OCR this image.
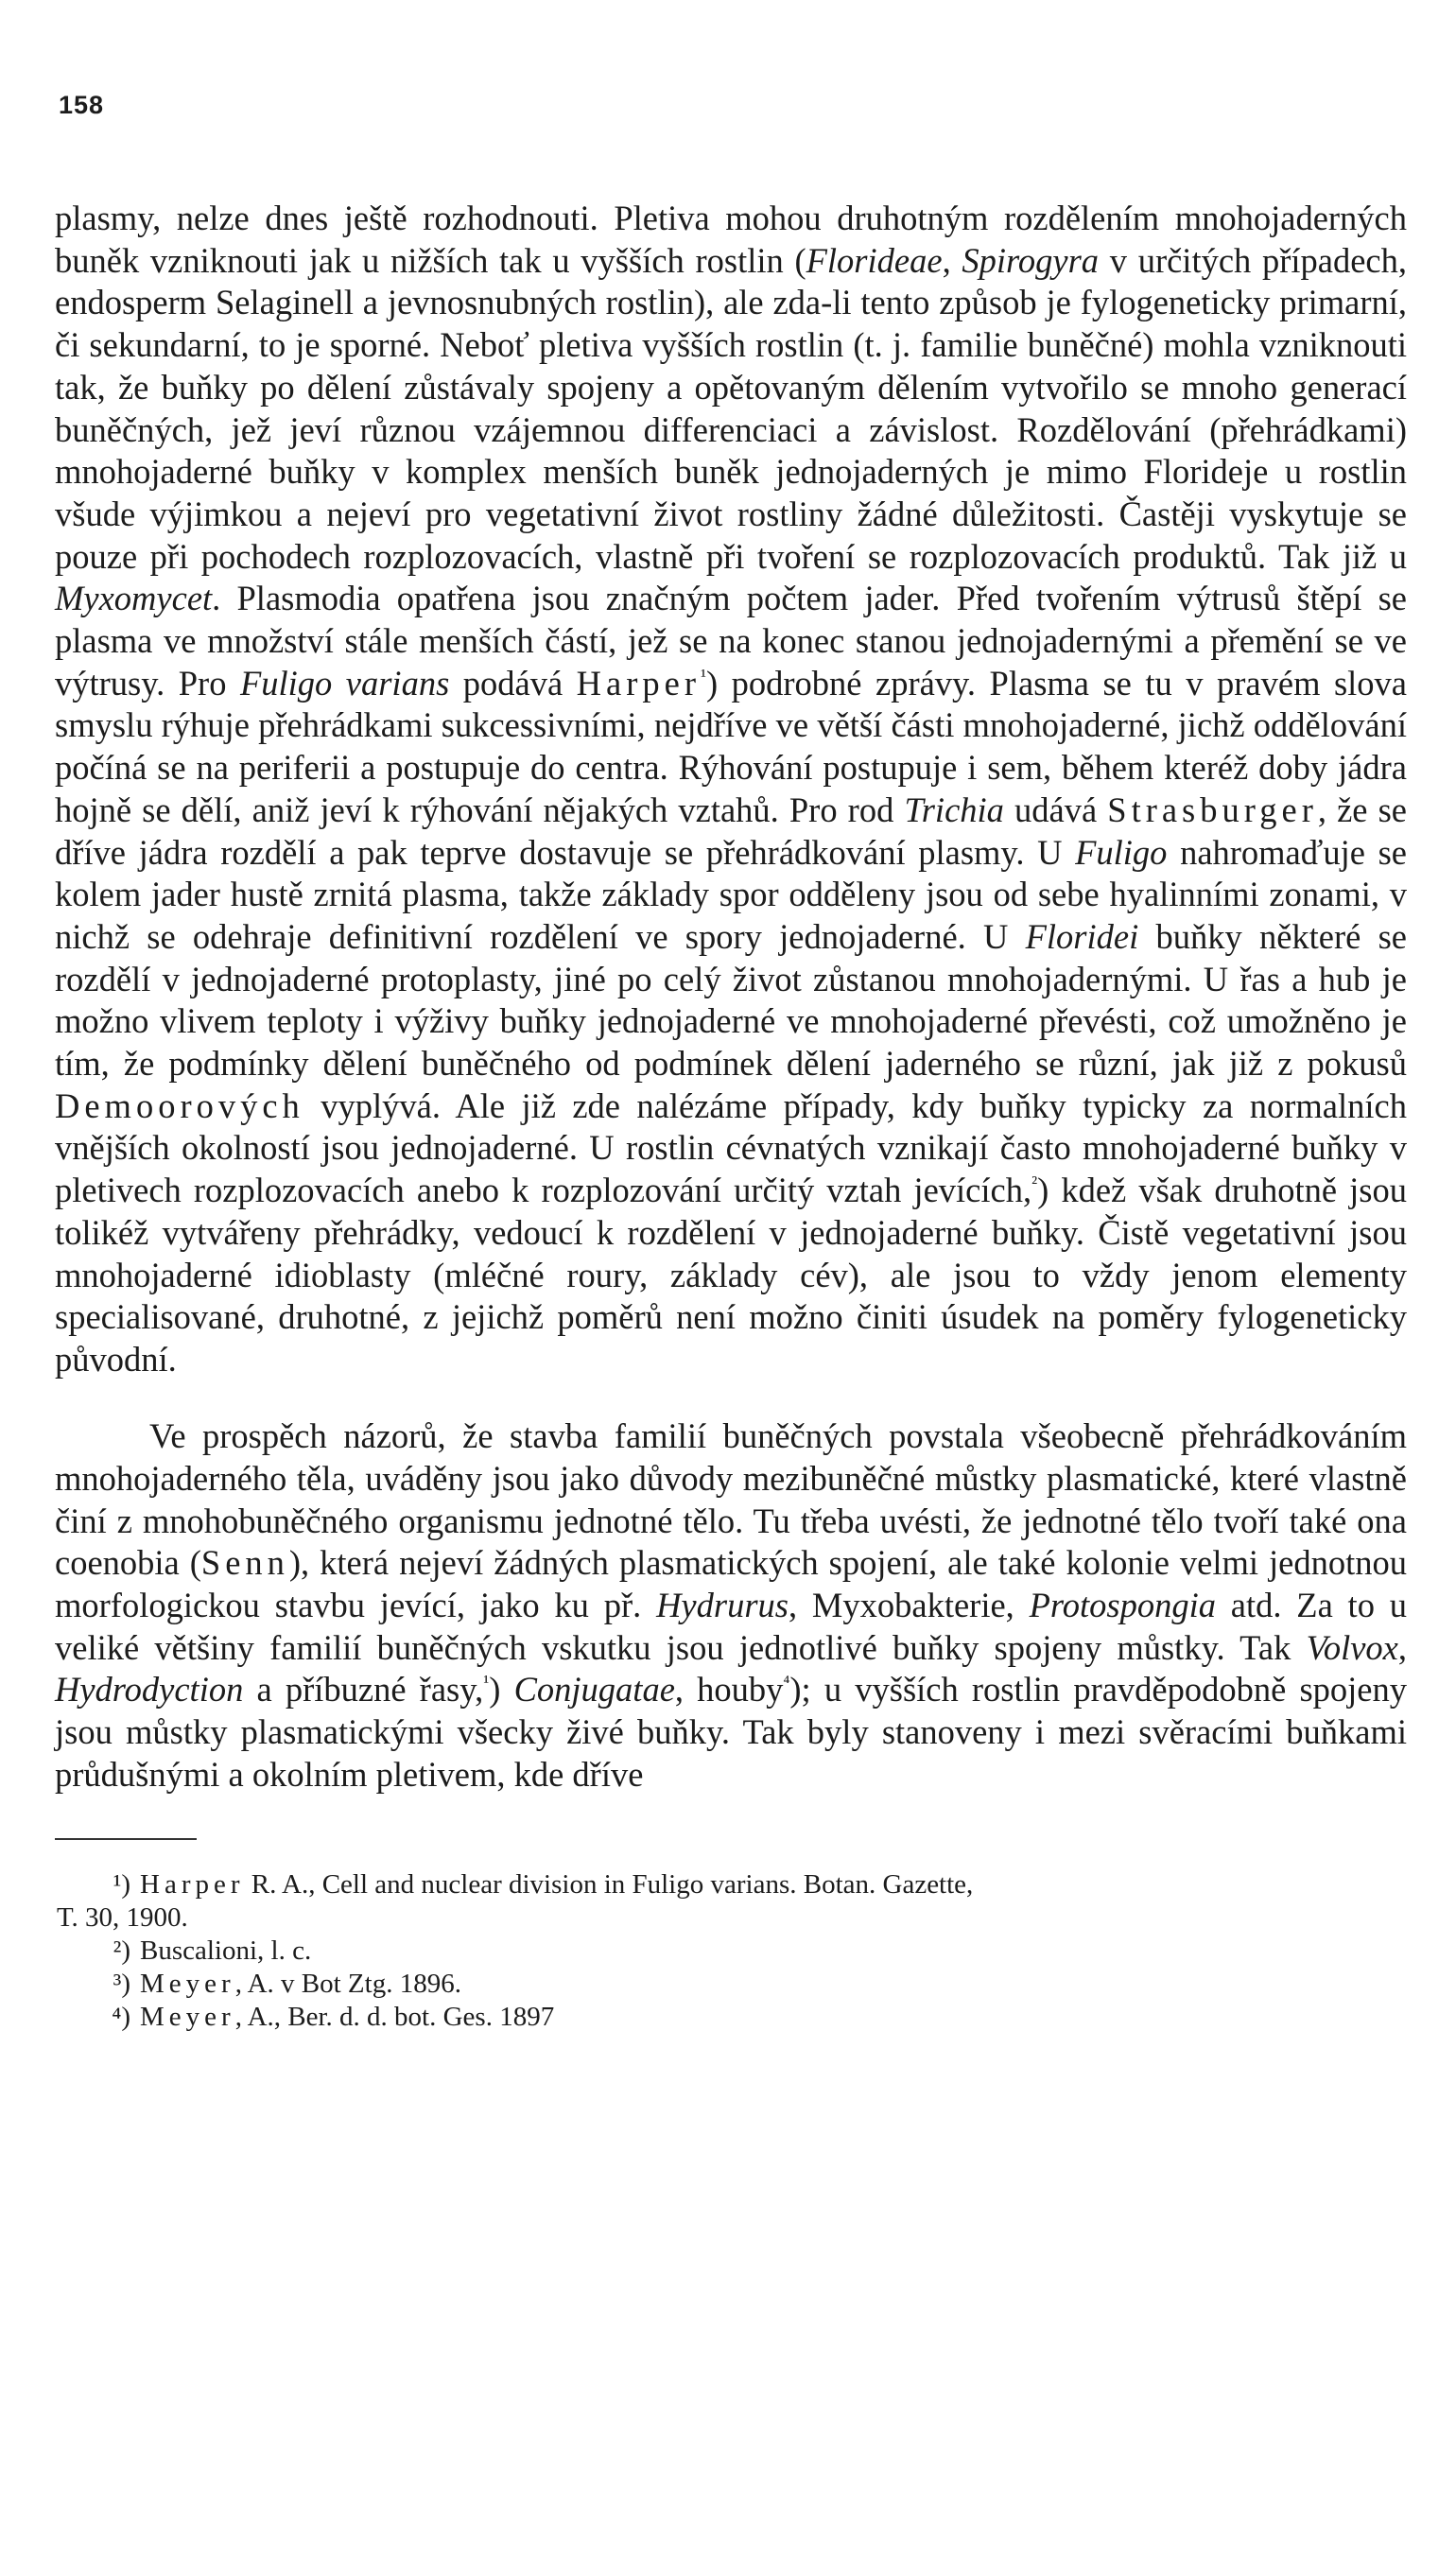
158

plasmy, nelze dnes ještě rozhodnouti. Pletiva mohou druhotným rozdělením mnohojaderných buněk vzniknouti jak u nižších tak u vyšších rostlin (Florideae, Spirogyra v určitých případech, endosperm Selaginell a jevnosnubných rostlin), ale zda-li tento způsob je fylogeneticky primarní, či sekundarní, to je sporné. Neboť pletiva vyšších rostlin (t. j. familie buněčné) mohla vzniknouti tak, že buňky po dělení zůstávaly spojeny a opětovaným dělením vytvořilo se mnoho generací buněčných, jež jeví různou vzájemnou differenciaci a závislost. Rozdělování (přehrádkami) mnohojaderné buňky v komplex menších buněk jednojaderných je mimo Florideje u rostlin všude výjimkou a nejeví pro vegetativní život rostliny žádné důležitosti. Častěji vyskytuje se pouze při pochodech rozplozovacích, vlastně při tvoření se rozplozovacích produktů. Tak již u Myxomycet. Plasmodia opatřena jsou značným počtem jader. Před tvořením výtrusů štěpí se plasma ve množství stále menších částí, jež se na konec stanou jednojadernými a přemění se ve výtrusy. Pro Fuligo varians podává Harper$^{^1}$) podrobné zprávy. Plasma se tu v pravém slova smyslu rýhuje přehrádkami sukcessivními, nejdříve ve větší části mnohojaderné, jichž oddělování počíná se na periferii a postupuje do centra. Rýhování postupuje i sem, během kteréž doby jádra hojně se dělí, aniž jeví k rýhování nějakých vztahů. Pro rod Trichia udává Strasburger, že se dříve jádra rozdělí a pak teprve dostavuje se přehrádkování plasmy. U Fuligo nahromaďuje se kolem jader hustě zrnitá plasma, takže základy spor odděleny jsou od sebe hyalinními zonami, v nichž se odehraje definitivní rozdělení ve spory jednojaderné. U Floridei buňky některé se rozdělí v jednojaderné protoplasty, jiné po celý život zůstanou mnohojadernými. U řas a hub je možno vlivem teploty i výživy buňky jednojaderné ve mnohojaderné převésti, což umožněno je tím, že podmínky dělení buněčného od podmínek dělení jaderného se různí, jak již z pokusů Demoorových vyplývá. Ale již zde nalézáme případy, kdy buňky typicky za normalních vnějších okolností jsou jednojaderné. U rostlin cévnatých vznikají často mnohojaderné buňky v pletivech rozplozovacích anebo k rozplozování určitý vztah jevících,$^{^2}$) kdež však druhotně jsou tolikéž vytvářeny přehrádky, vedoucí k rozdělení v jednojaderné buňky. Čistě vegetativní jsou mnohojaderné idioblasty (mléčné roury, základy cév), ale jsou to vždy jenom elementy specialisované, druhotné, z jejichž poměrů není možno činiti úsudek na poměry fylogeneticky původní.

Ve prospěch názorů, že stavba familií buněčných povstala všeobecně přehrádkováním mnohojaderného těla, uváděny jsou jako důvody mezibuněčné můstky plasmatické, které vlastně činí z mnohobuněčného organismu jednotné tělo. Tu třeba uvésti, že jednotné tělo tvoří také ona coenobia (Senn), která nejeví žádných plasmatických spojení, ale také kolonie velmi jednotnou morfologickou stavbu jevící, jako ku př. Hydrurus, Myxobakterie, Protospongia atd. Za to u veliké většiny familií buněčných vskutku jsou jednotlivé buňky spojeny můstky. Tak Volvox, Hydrodyction a příbuzné řasy,$^{^1}$) Conjugatae, houby$^{^4}$); u vyšších rostlin pravděpodobně spojeny jsou můstky plasmatickými všecky živé buňky. Tak byly stanoveny i mezi svěracími buňkami průdušnými a okolním pletivem, kde dříve

¹) Harper R. A., Cell and nuclear division in Fuligo varians. Botan. Gazette,

T. 30, 1900.

²) Buscalioni, l. c.

³) Meyer, A. v Bot Ztg. 1896.

⁴) Meyer, A., Ber. d. d. bot. Ges. 1897
